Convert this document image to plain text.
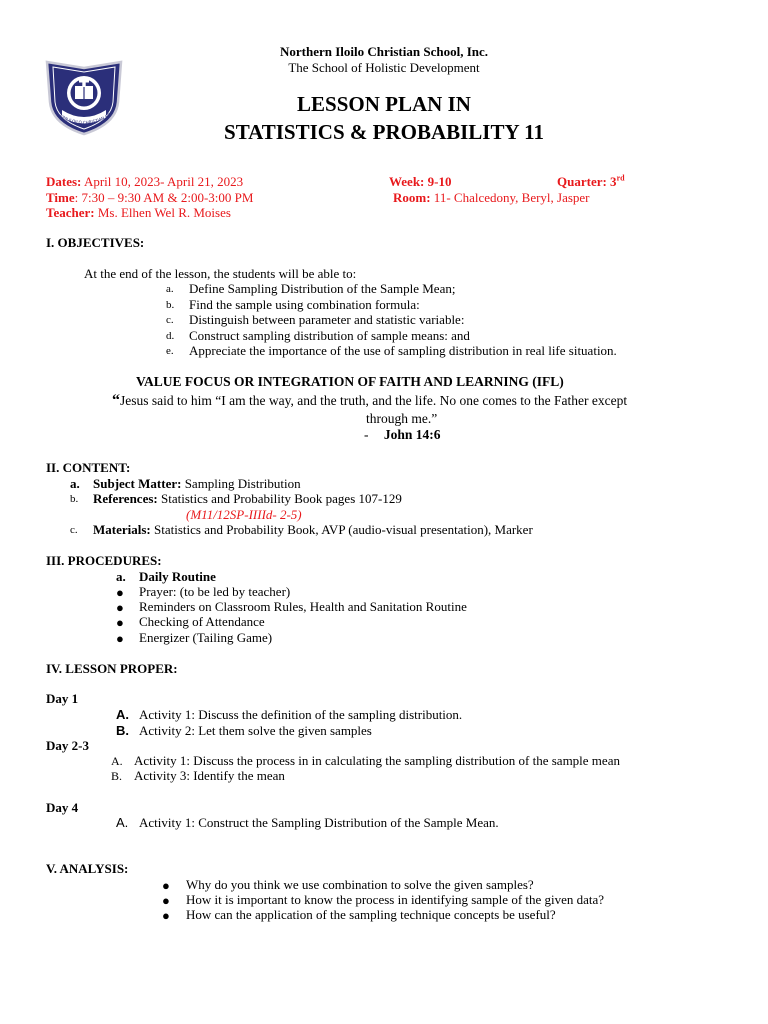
ERN ILOILO CHRISTIAN SC
Northern Iloilo Christian School, Inc.
The School of Holistic Development
LESSON PLAN IN
STATISTICS & PROBABILITY 11
Dates: April 10, 2023- April 21, 2023	Week: 9-10	Quarter: 3rd
Time: 7:30 – 9:30 AM & 2:00-3:00 PM	Room: 11- Chalcedony, Beryl, Jasper
Teacher: Ms. Elhen Wel R. Moises
I. OBJECTIVES:
At the end of the lesson, the students will be able to:
a. Define Sampling Distribution of the Sample Mean;
b. Find the sample using combination formula:
c. Distinguish between parameter and statistic variable:
d. Construct sampling distribution of sample means: and
e. Appreciate the importance of the use of sampling distribution in real life situation.
VALUE FOCUS OR INTEGRATION OF FAITH AND LEARNING (IFL)
“Jesus said to him “I am the way, and the truth, and the life. No one comes to the Father except
through me.”
- John 14:6
II. CONTENT:
a. Subject Matter: Sampling Distribution
b. References: Statistics and Probability Book pages 107-129
(M11/12SP-IIIId- 2-5)
c. Materials: Statistics and Probability Book, AVP (audio-visual presentation), Marker
III. PROCEDURES:
a. Daily Routine
● Prayer: (to be led by teacher)
● Reminders on Classroom Rules, Health and Sanitation Routine
● Checking of Attendance
● Energizer (Tailing Game)
IV. LESSON PROPER:
Day 1
A. Activity 1: Discuss the definition of the sampling distribution.
B. Activity 2: Let them solve the given samples
Day 2-3
A. Activity 1: Discuss the process in in calculating the sampling distribution of the sample mean
B. Activity 3: Identify the mean
Day 4
A. Activity 1: Construct the Sampling Distribution of the Sample Mean.
V. ANALYSIS:
● Why do you think we use combination to solve the given samples?
● How it is important to know the process in identifying sample of the given data?
● How can the application of the sampling technique concepts be useful?
